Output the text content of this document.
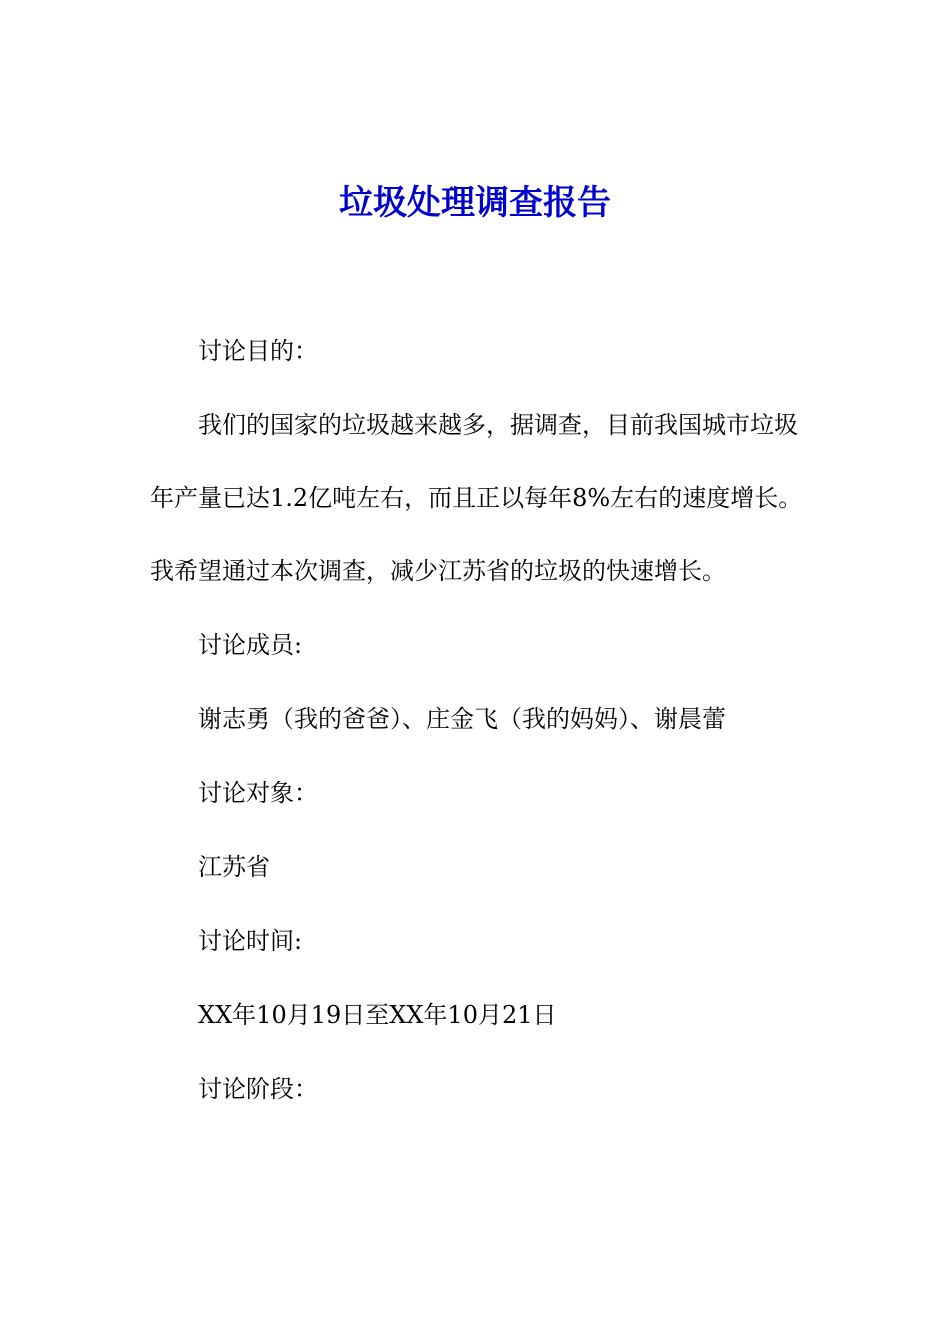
垃圾处理调查报告

讨论目的：

我们的国家的垃圾越来越多，据调查，目前我国城市垃圾年产量已达1.2亿吨左右，而且正以每年8%左右的速度增长。我希望通过本次调查，减少江苏省的垃圾的快速增长。

讨论成员:

谢志勇（我的爸爸）、庄金飞（我的妈妈）、谢晨蕾

讨论对象：

江苏省

讨论时间:

XX年10月19日至XX年10月21日

讨论阶段：
